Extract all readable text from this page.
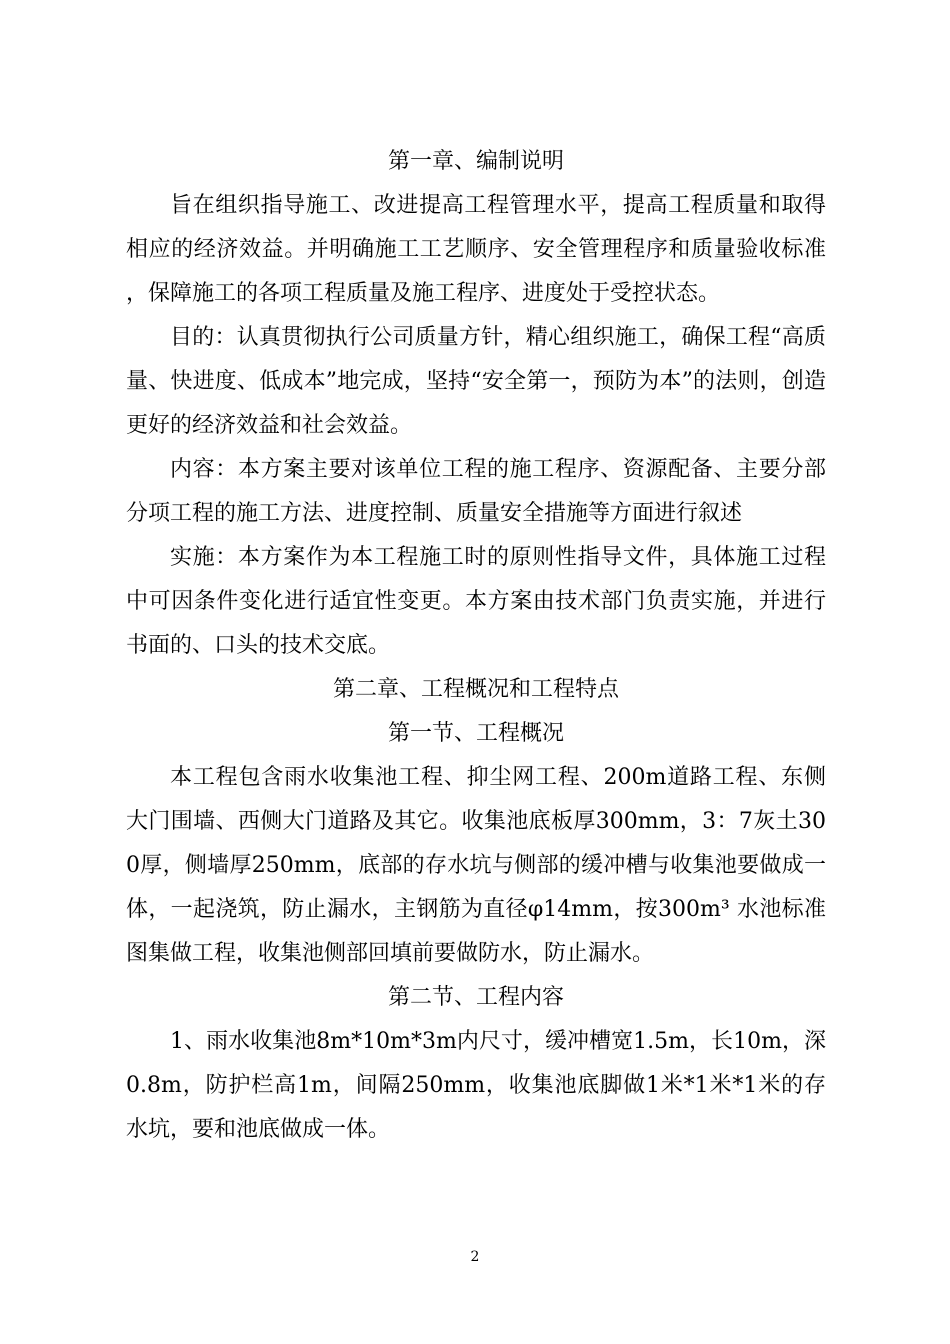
第一章、编制说明

旨在组织指导施工、改进提高工程管理水平，提高工程质量和取得相应的经济效益。并明确施工工艺顺序、安全管理程序和质量验收标准，保障施工的各项工程质量及施工程序、进度处于受控状态。

目的：认真贯彻执行公司质量方针，精心组织施工，确保工程“高质量、快进度、低成本”地完成，坚持“安全第一，预防为本”的法则，创造更好的经济效益和社会效益。

内容：本方案主要对该单位工程的施工程序、资源配备、主要分部分项工程的施工方法、进度控制、质量安全措施等方面进行叙述

实施：本方案作为本工程施工时的原则性指导文件，具体施工过程中可因条件变化进行适宜性变更。本方案由技术部门负责实施，并进行书面的、口头的技术交底。

第二章、工程概况和工程特点
第一节、工程概况

本工程包含雨水收集池工程、抑尘网工程、200m道路工程、东侧大门围墙、西侧大门道路及其它。收集池底板厚300mm，3：7灰土300厚，侧墙厚250mm，底部的存水坑与侧部的缓冲槽与收集池要做成一体，一起浇筑，防止漏水，主钢筋为直径φ14mm，按300m³ 水池标准图集做工程，收集池侧部回填前要做防水，防止漏水。

第二节、工程内容

1、雨水收集池8m*10m*3m内尺寸，缓冲槽宽1.5m，长10m，深0.8m，防护栏高1m，间隔250mm，收集池底脚做1米*1米*1米的存水坑，要和池底做成一体。

2
